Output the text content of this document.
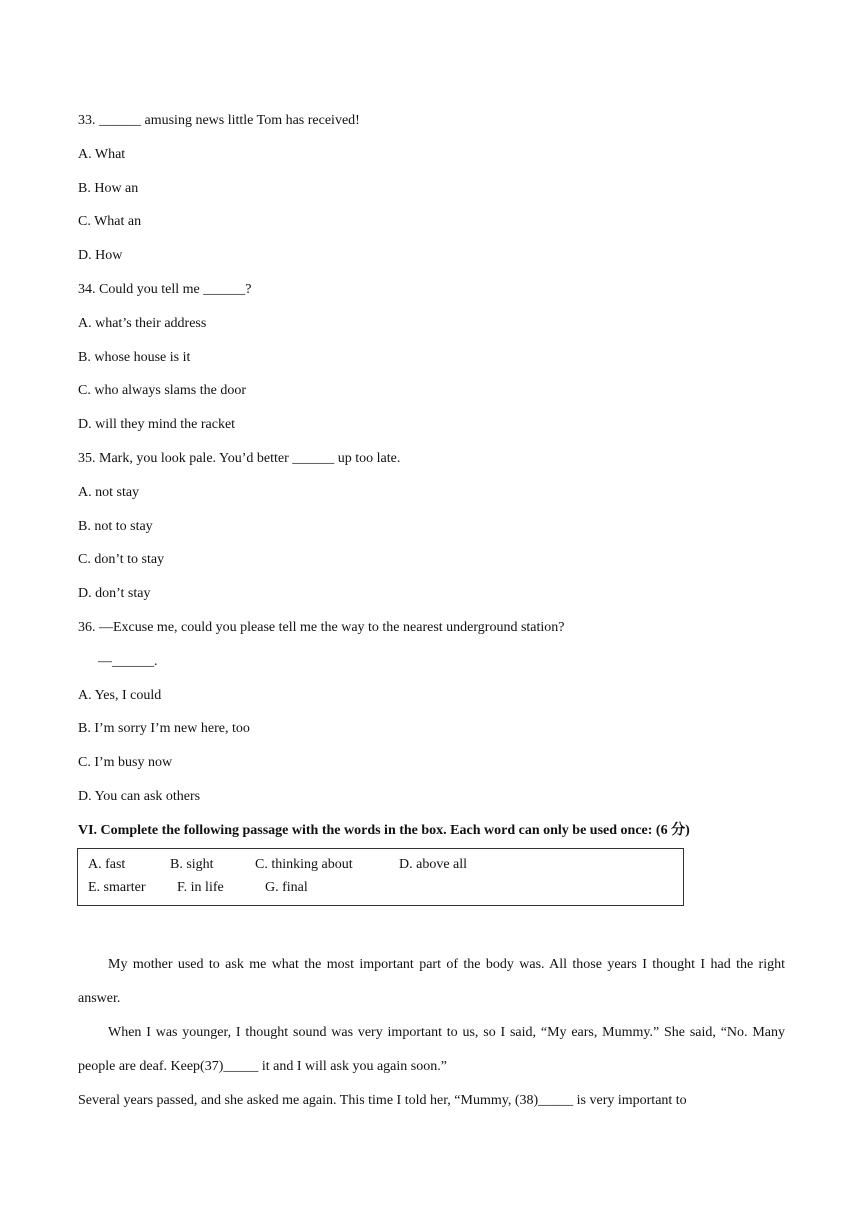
33. ______ amusing news little Tom has received!
A. What
B. How an
C. What an
D. How
34. Could you tell me ______?
A. what’s their address
B. whose house is it
C. who always slams the door
D. will they mind the racket
35. Mark, you look pale. You’d better ______ up too late.
A. not stay
B. not to stay
C. don’t to stay
D. don’t stay
36. —Excuse me, could you please tell me the way to the nearest underground station?
—______.
A. Yes, I could
B. I’m sorry I’m new here, too
C. I’m busy now
D. You can ask others
VI. Complete the following passage with the words in the box. Each word can only be used once: (6 分)
A. fast	B. sight	C. thinking about	D. above all
E. smarter F. in life	G. final

My mother used to ask me what the most important part of the body was. All those years I thought I had the right answer.

When I was younger, I thought sound was very important to us, so I said, “My ears, Mummy.” She said, “No. Many people are deaf. Keep(37)_____ it and I will ask you again soon.”

Several years passed, and she asked me again. This time I told her, “Mummy, (38)_____ is very important to
